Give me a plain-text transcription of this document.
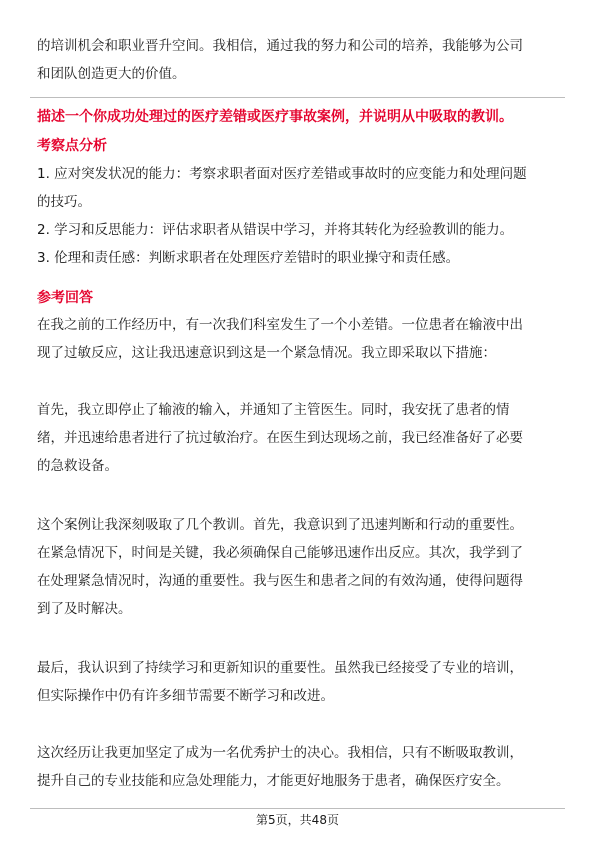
的培训机会和职业晋升空间。我相信，通过我的努力和公司的培养，我能够为公司
和团队创造更大的价值。
描述一个你成功处理过的医疗差错或医疗事故案例，并说明从中吸取的教训。
考察点分析
1. 应对突发状况的能力：考察求职者面对医疗差错或事故时的应变能力和处理问题
的技巧。
2. 学习和反思能力：评估求职者从错误中学习，并将其转化为经验教训的能力。
3. 伦理和责任感：判断求职者在处理医疗差错时的职业操守和责任感。
参考回答
在我之前的工作经历中，有一次我们科室发生了一个小差错。一位患者在输液中出
现了过敏反应，这让我迅速意识到这是一个紧急情况。我立即采取以下措施：
首先，我立即停止了输液的输入，并通知了主管医生。同时，我安抚了患者的情
绪，并迅速给患者进行了抗过敏治疗。在医生到达现场之前，我已经准备好了必要
的急救设备。
这个案例让我深刻吸取了几个教训。首先，我意识到了迅速判断和行动的重要性。
在紧急情况下，时间是关键，我必须确保自己能够迅速作出反应。其次，我学到了
在处理紧急情况时，沟通的重要性。我与医生和患者之间的有效沟通，使得问题得
到了及时解决。
最后，我认识到了持续学习和更新知识的重要性。虽然我已经接受了专业的培训，
但实际操作中仍有许多细节需要不断学习和改进。
这次经历让我更加坚定了成为一名优秀护士的决心。我相信，只有不断吸取教训，
提升自己的专业技能和应急处理能力，才能更好地服务于患者，确保医疗安全。
第5页，共48页
